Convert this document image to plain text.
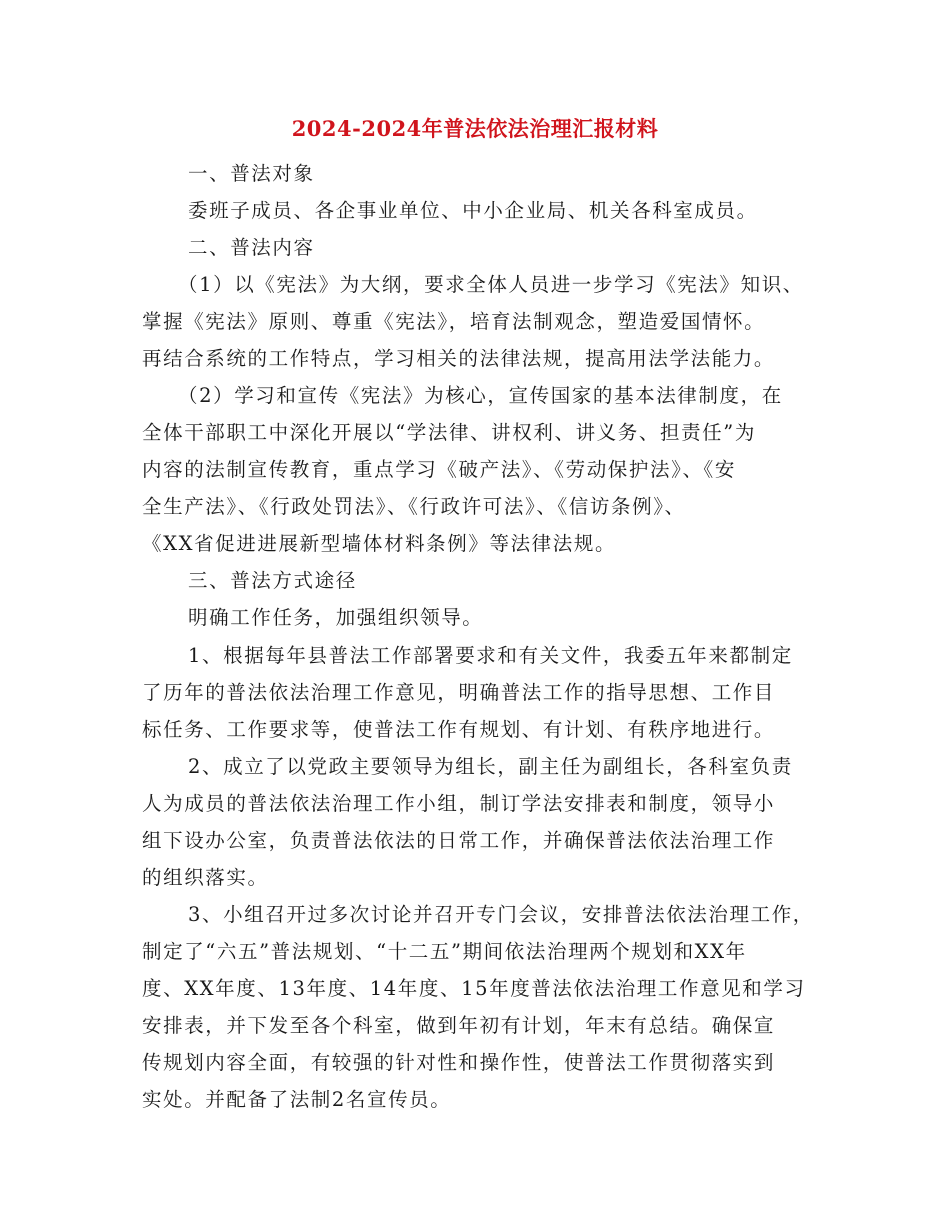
2024-2024年普法依法治理汇报材料
一、普法对象
委班子成员、各企事业单位、中小企业局、机关各科室成员。
二、普法内容
（1）以《宪法》为大纲，要求全体人员进一步学习《宪法》知识、
掌握《宪法》原则、尊重《宪法》，培育法制观念，塑造爱国情怀。
再结合系统的工作特点，学习相关的法律法规，提高用法学法能力。
（2）学习和宣传《宪法》为核心，宣传国家的基本法律制度，在
全体干部职工中深化开展以“学法律、讲权利、讲义务、担责任”为
内容的法制宣传教育，重点学习《破产法》、《劳动保护法》、《安
全生产法》、《行政处罚法》、《行政许可法》、《信访条例》、
《XX省促进进展新型墙体材料条例》等法律法规。
三、普法方式途径
明确工作任务，加强组织领导。
1、根据每年县普法工作部署要求和有关文件，我委五年来都制定
了历年的普法依法治理工作意见，明确普法工作的指导思想、工作目
标任务、工作要求等，使普法工作有规划、有计划、有秩序地进行。
2、成立了以党政主要领导为组长，副主任为副组长，各科室负责
人为成员的普法依法治理工作小组，制订学法安排表和制度，领导小
组下设办公室，负责普法依法的日常工作，并确保普法依法治理工作
的组织落实。
3、小组召开过多次讨论并召开专门会议，安排普法依法治理工作，
制定了“六五”普法规划、“十二五”期间依法治理两个规划和XX年
度、XX年度、13年度、14年度、15年度普法依法治理工作意见和学习
安排表，并下发至各个科室，做到年初有计划，年末有总结。确保宣
传规划内容全面，有较强的针对性和操作性，使普法工作贯彻落实到
实处。并配备了法制2名宣传员。
